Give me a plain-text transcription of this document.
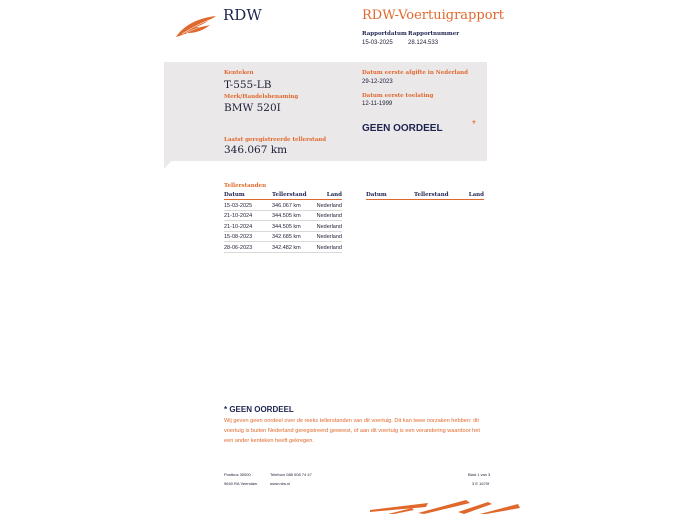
RDW	RDW-Voertuigrapport
Rapportdatum
15-03-2025
Rapportnummer
28.124.533
Kenteken
T-555-LB
Merk/Handelsbenaming
BMW 520I
Laatst geregistreerde tellerstand
346.067 km
Datum eerste afgifte in Nederland
29-12-2023
Datum eerste toelating
12-11-1999
GEEN OORDEEL	*
Tellerstanden
Datum	Tellerstand	Land
15-03-2025	346.067 km	Nederland
21-10-2024	344.505 km	Nederland
21-10-2024	344.505 km	Nederland
15-08-2023	342.685 km	Nederland
28-06-2023	342.482 km	Nederland
Datum	Tellerstand	Land
* GEEN OORDEEL
Wij geven geen oordeel over de reeks tellerstanden van dit voertuig. Dit kan twee oorzaken hebben: dit voertuig is buiten Nederland geregistreerd geweest, of aan dit voertuig is een verandering waardoor het een ander kenteken heeft gekregen.
Postbus 30000
9640 RA Veendam
Telefoon 088 008 74 47
www.rdw.nl
Blad 1 van 3
3 E 1670f
